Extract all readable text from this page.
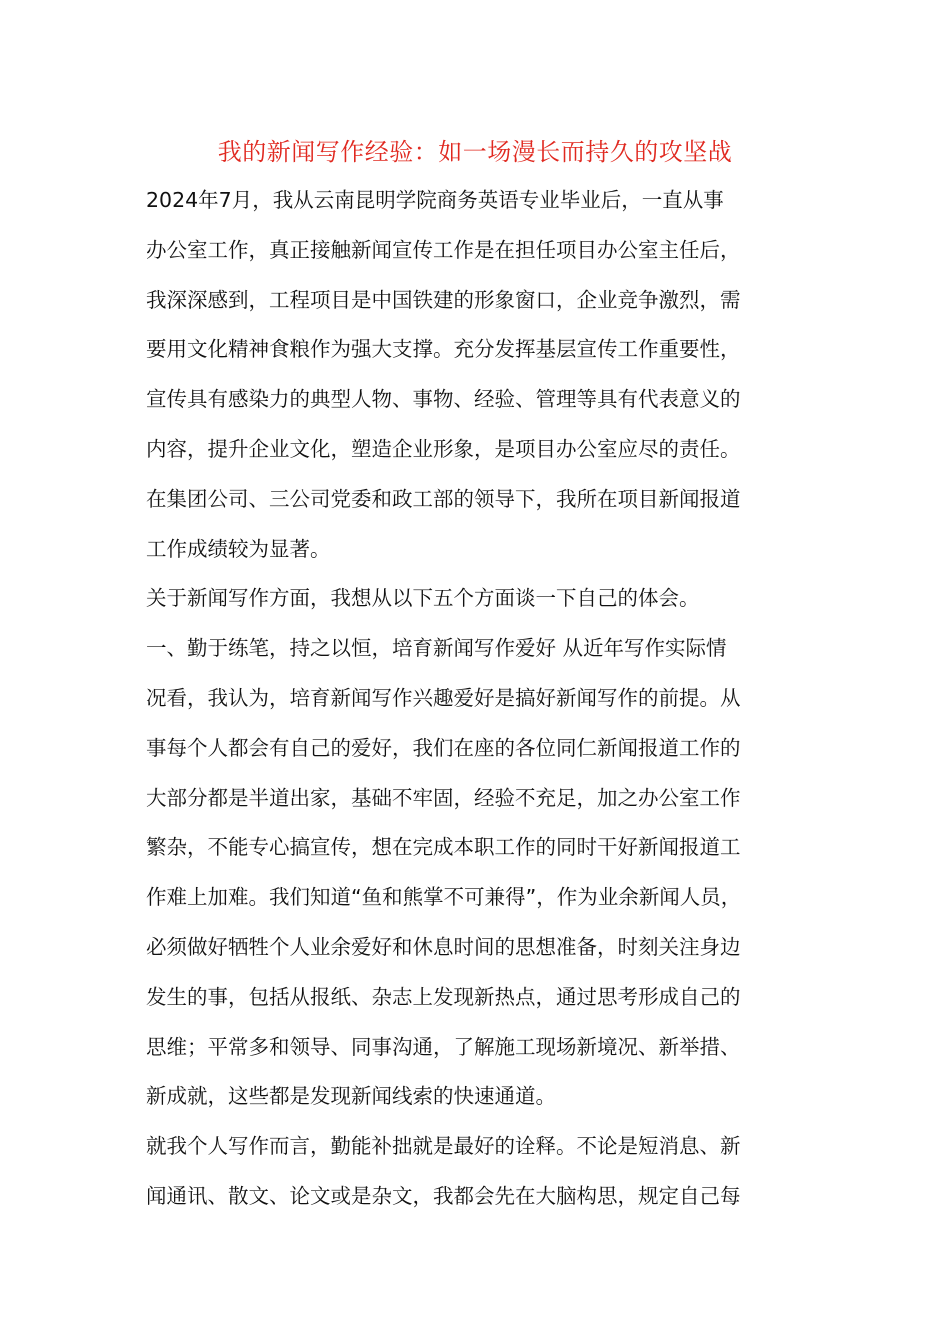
我的新闻写作经验：如一场漫长而持久的攻坚战
2024年7月，我从云南昆明学院商务英语专业毕业后，一直从事
办公室工作，真正接触新闻宣传工作是在担任项目办公室主任后，
我深深感到，工程项目是中国铁建的形象窗口，企业竞争激烈，需
要用文化精神食粮作为强大支撑。充分发挥基层宣传工作重要性，
宣传具有感染力的典型人物、事物、经验、管理等具有代表意义的
内容，提升企业文化，塑造企业形象，是项目办公室应尽的责任。
在集团公司、三公司党委和政工部的领导下，我所在项目新闻报道
工作成绩较为显著。
关于新闻写作方面，我想从以下五个方面谈一下自己的体会。
一、勤于练笔，持之以恒，培育新闻写作爱好 从近年写作实际情
况看，我认为，培育新闻写作兴趣爱好是搞好新闻写作的前提。从
事每个人都会有自己的爱好，我们在座的各位同仁新闻报道工作的
大部分都是半道出家，基础不牢固，经验不充足，加之办公室工作
繁杂，不能专心搞宣传，想在完成本职工作的同时干好新闻报道工
作难上加难。我们知道“鱼和熊掌不可兼得”，作为业余新闻人员，
必须做好牺牲个人业余爱好和休息时间的思想准备，时刻关注身边
发生的事，包括从报纸、杂志上发现新热点，通过思考形成自己的
思维；平常多和领导、同事沟通，了解施工现场新境况、新举措、
新成就，这些都是发现新闻线索的快速通道。
就我个人写作而言，勤能补拙就是最好的诠释。不论是短消息、新
闻通讯、散文、论文或是杂文，我都会先在大脑构思，规定自己每
